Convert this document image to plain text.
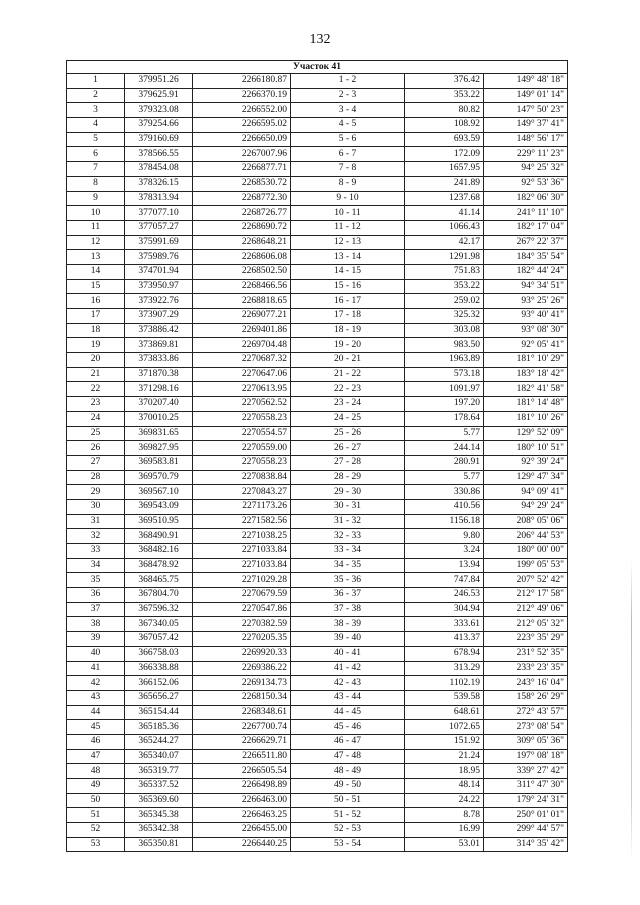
132
Участок 41					
1	379951.26	2266180.87	1 - 2	376.42	149° 48' 18"
2	379625.91	2266370.19	2 - 3	353.22	149° 01' 14"
3	379323.08	2266552.00	3 - 4	80.82	147° 50' 23"
4	379254.66	2266595.02	4 - 5	108.92	149° 37' 41"
5	379160.69	2266650.09	5 - 6	693.59	148° 56' 17"
6	378566.55	2267007.96	6 - 7	172.09	229° 11' 23"
7	378454.08	2266877.71	7 - 8	1657.95	94° 25' 32"
8	378326.15	2268530.72	8 - 9	241.89	92° 53' 36"
9	378313.94	2268772.30	9 - 10	1237.68	182° 06' 30"
10	377077.10	2268726.77	10 - 11	41.14	241° 11' 10"
11	377057.27	2268690.72	11 - 12	1066.43	182° 17' 04"
12	375991.69	2268648.21	12 - 13	42.17	267° 22' 37"
13	375989.76	2268606.08	13 - 14	1291.98	184° 35' 54"
14	374701.94	2268502.50	14 - 15	751.83	182° 44' 24"
15	373950.97	2268466.56	15 - 16	353.22	94° 34' 51"
16	373922.76	2268818.65	16 - 17	259.02	93° 25' 26"
17	373907.29	2269077.21	17 - 18	325.32	93° 40' 41"
18	373886.42	2269401.86	18 - 19	303.08	93° 08' 30"
19	373869.81	2269704.48	19 - 20	983.50	92° 05' 41"
20	373833.86	2270687.32	20 - 21	1963.89	181° 10' 29"
21	371870.38	2270647.06	21 - 22	573.18	183° 18' 42"
22	371298.16	2270613.95	22 - 23	1091.97	182° 41' 58"
23	370207.40	2270562.52	23 - 24	197.20	181° 14' 48"
24	370010.25	2270558.23	24 - 25	178.64	181° 10' 26"
25	369831.65	2270554.57	25 - 26	5.77	129° 52' 09"
26	369827.95	2270559.00	26 - 27	244.14	180° 10' 51"
27	369583.81	2270558.23	27 - 28	280.91	92° 39' 24"
28	369570.79	2270838.84	28 - 29	5.77	129° 47' 34"
29	369567.10	2270843.27	29 - 30	330.86	94° 09' 41"
30	369543.09	2271173.26	30 - 31	410.56	94° 29' 24"
31	369510.95	2271582.56	31 - 32	1156.18	208° 05' 06"
32	368490.91	2271038.25	32 - 33	9.80	206° 44' 53"
33	368482.16	2271033.84	33 - 34	3.24	180° 00' 00"
34	368478.92	2271033.84	34 - 35	13.94	199° 05' 53"
35	368465.75	2271029.28	35 - 36	747.84	207° 52' 42"
36	367804.70	2270679.59	36 - 37	246.53	212° 17' 58"
37	367596.32	2270547.86	37 - 38	304.94	212° 49' 06"
38	367340.05	2270382.59	38 - 39	333.61	212° 05' 32"
39	367057.42	2270205.35	39 - 40	413.37	223° 35' 29"
40	366758.03	2269920.33	40 - 41	678.94	231° 52' 35"
41	366338.88	2269386.22	41 - 42	313.29	233° 23' 35"
42	366152.06	2269134.73	42 - 43	1102.19	243° 16' 04"
43	365656.27	2268150.34	43 - 44	539.58	158° 26' 29"
44	365154.44	2268348.61	44 - 45	648.61	272° 43' 57"
45	365185.36	2267700.74	45 - 46	1072.65	273° 08' 54"
46	365244.27	2266629.71	46 - 47	151.92	309° 05' 36"
47	365340.07	2266511.80	47 - 48	21.24	197° 08' 18"
48	365319.77	2266505.54	48 - 49	18.95	339° 27' 42"
49	365337.52	2266498.89	49 - 50	48.14	311° 47' 30"
50	365369.60	2266463.00	50 - 51	24.22	179° 24' 31"
51	365345.38	2266463.25	51 - 52	8.78	250° 01' 01"
52	365342.38	2266455.00	52 - 53	16.99	299° 44' 57"
53	365350.81	2266440.25	53 - 54	53.01	314° 35' 42"
